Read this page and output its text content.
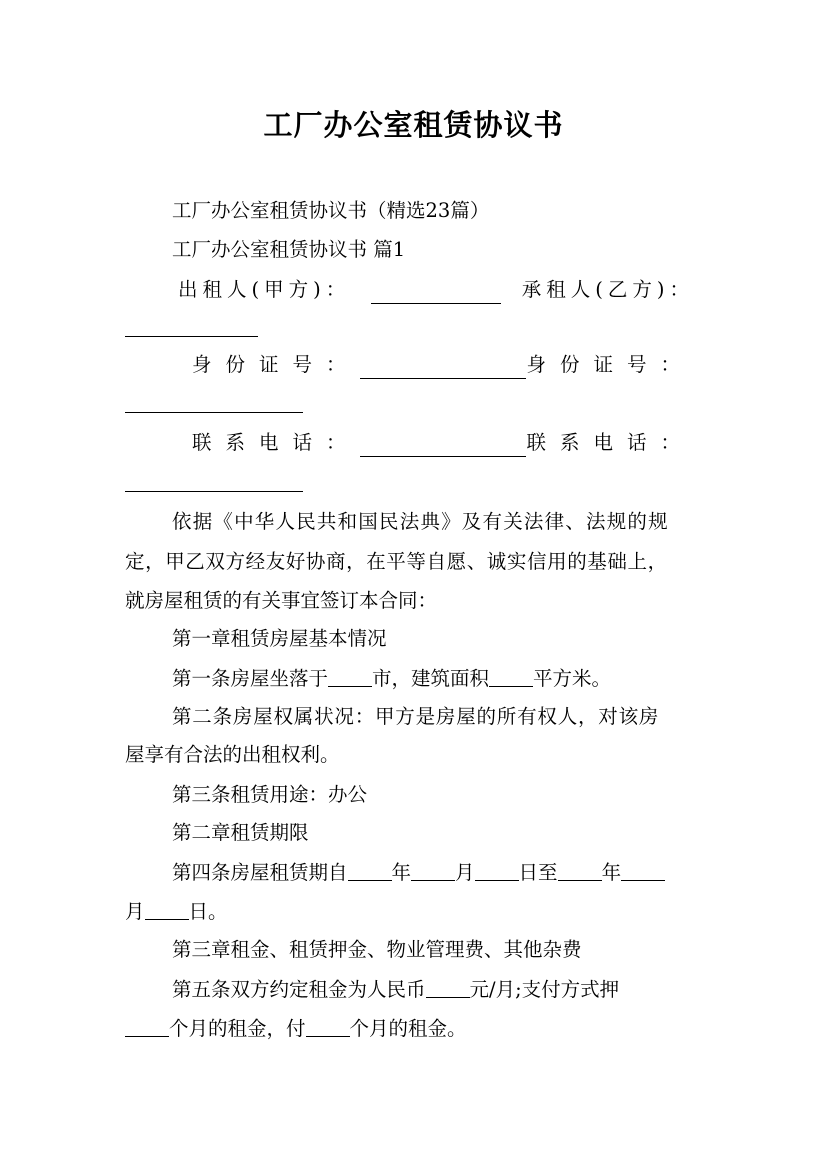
工厂办公室租赁协议书
工厂办公室租赁协议书（精选23篇）
工厂办公室租赁协议书 篇1
出租人(甲方)：	承租人(乙方)：
身份证号：	身份证号：
联系电话：	联系电话：
依据《中华人民共和国民法典》及有关法律、法规的规
定，甲乙双方经友好协商，在平等自愿、诚实信用的基础上，
就房屋租赁的有关事宜签订本合同：
第一章租赁房屋基本情况
第一条房屋坐落于 市，建筑面积 平方米。
第二条房屋权属状况：甲方是房屋的所有权人，对该房
屋享有合法的出租权利。
第三条租赁用途：办公
第二章租赁期限
第四条房屋租赁期自 年 月 日至 年
月 日。
第三章租金、租赁押金、物业管理费、其他杂费
第五条双方约定租金为人民币 元/月;支付方式押
个月的租金，付 个月的租金。
